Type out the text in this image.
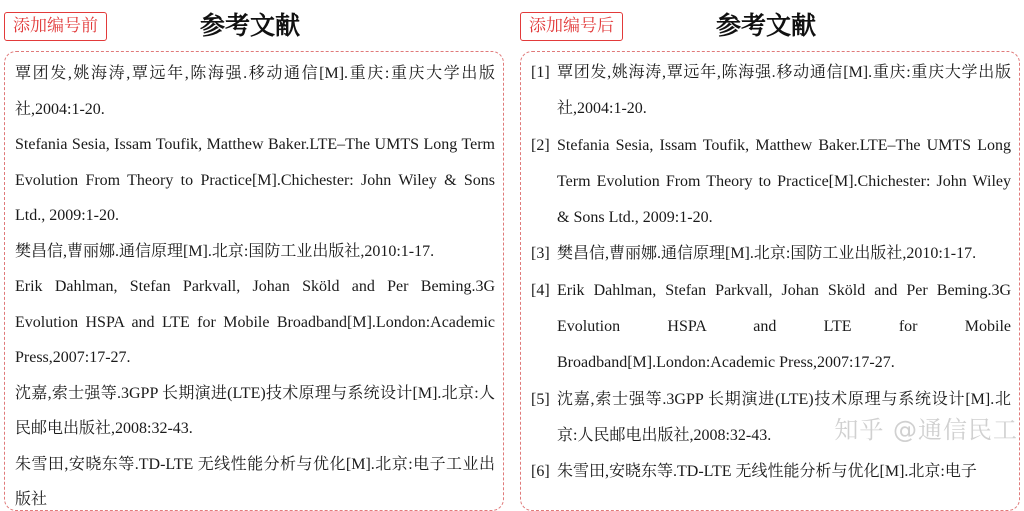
添加编号前	参考文献
覃团发,姚海涛,覃远年,陈海强.移动通信[M].重庆:重庆大学出版社,2004:1-20.
Stefania Sesia, Issam Toufik, Matthew Baker.LTE–The UMTS Long Term Evolution From Theory to Practice[M].Chichester: John Wiley & Sons Ltd., 2009:1-20.
樊昌信,曹丽娜.通信原理[M].北京:国防工业出版社,2010:1-17.
Erik Dahlman, Stefan Parkvall, Johan Sköld and Per Beming.3G Evolution HSPA and LTE for Mobile Broadband[M].London:Academic Press,2007:17-27.
沈嘉,索士强等.3GPP 长期演进(LTE)技术原理与系统设计[M].北京:人民邮电出版社,2008:32-43.
朱雪田,安晓东等.TD-LTE 无线性能分析与优化[M].北京:电子工业出版社
添加编号后	参考文献
[1] 覃团发,姚海涛,覃远年,陈海强.移动通信[M].重庆:重庆大学出版社,2004:1-20.
[2] Stefania Sesia, Issam Toufik, Matthew Baker.LTE–The UMTS Long Term Evolution From Theory to Practice[M].Chichester: John Wiley & Sons Ltd., 2009:1-20.
[3] 樊昌信,曹丽娜.通信原理[M].北京:国防工业出版社,2010:1-17.
[4] Erik Dahlman, Stefan Parkvall, Johan Sköld and Per Beming.3G Evolution HSPA and LTE for Mobile Broadband[M].London:Academic Press,2007:17-27.
[5] 沈嘉,索士强等.3GPP 长期演进(LTE)技术原理与系统设计[M].北京:人民邮电出版社,2008:32-43.
[6] 朱雪田,安晓东等.TD-LTE 无线性能分析与优化[M].北京:电子
知乎 @通信民工
